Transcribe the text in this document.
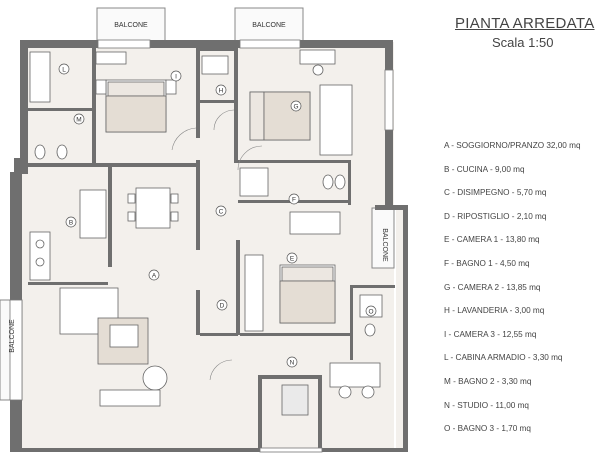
BALCONE	BALCONE
BALCONE
BALCONE
L
I
H
G
M
B
C
F
A
E
D
O
N
PIANTA ARREDATA
Scala 1:50
A - SOGGIORNO/PRANZO 32,00 mq
B - CUCINA - 9,00 mq
C - DISIMPEGNO - 5,70 mq
D - RIPOSTIGLIO - 2,10 mq
E - CAMERA 1 - 13,80 mq
F - BAGNO 1 - 4,50 mq
G - CAMERA 2 - 13,85 mq
H - LAVANDERIA - 3,00 mq
I - CAMERA 3 - 12,55 mq
L - CABINA ARMADIO - 3,30 mq
M - BAGNO 2 - 3,30 mq
N - STUDIO - 11,00 mq
O - BAGNO 3 - 1,70 mq
